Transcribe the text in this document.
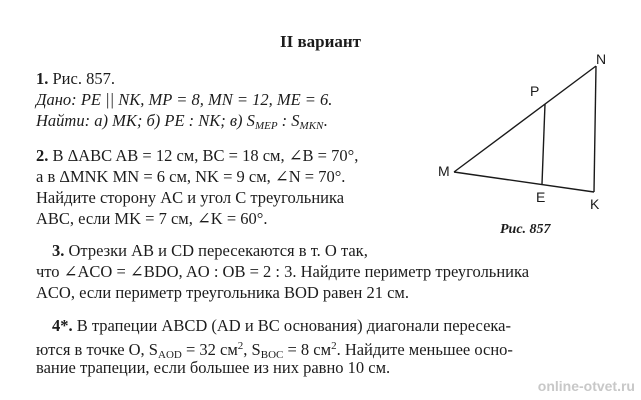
II вариант
1. Рис. 857.
Дано: PE || NK, MP = 8, MN = 12, ME = 6.
Найти: а) MK; б) PE : NK; в) $S_{MEP}$ : $S_{MKN}$.
2. В ΔABC AB = 12 см, BC = 18 см, ∠B = 70°,
а в ΔMNK MN = 6 см, NK = 9 см, ∠N = 70°.
Найдите сторону AC и угол C треугольника
ABC, если MK = 7 см, ∠K = 60°.
3. Отрезки AB и CD пересекаются в т. O так,
что ∠ACO = ∠BDO, AO : OB = 2 : 3. Найдите периметр треугольника
ACO, если периметр треугольника BOD равен 21 см.
4*. В трапеции ABCD (AD и BC основания) диагонали пересека-
ются в точке O, $S_{AOD} = 32$ $см^2$, $S_{BOC} = 8$ $см^2$. Найдите меньшее осно-
вание трапеции, если большее из них равно 10 см.
N
P
M
E	K
Рис. 857
online-otvet.ru
